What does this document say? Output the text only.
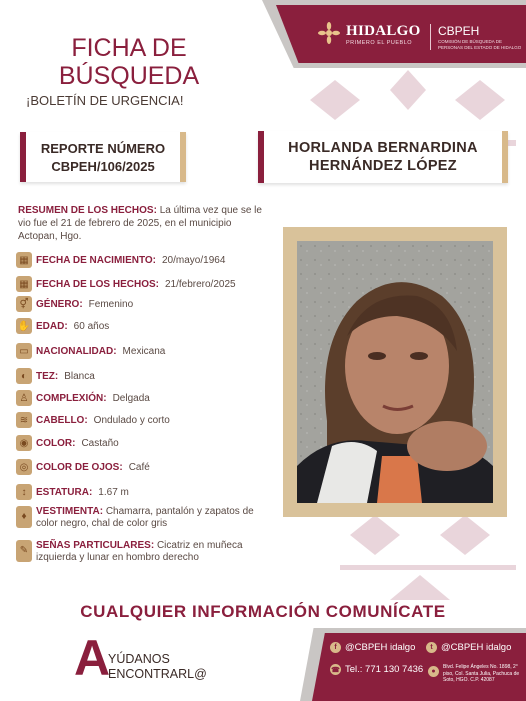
HIDALGO
PRIMERO EL PUEBLO
CBPEH
COMISIÓN DE BÚSQUEDA DE PERSONAS DEL ESTADO DE HIDALGO
FICHA DE
BÚSQUEDA
¡BOLETÍN DE URGENCIA!
REPORTE NÚMERO
CBPEH/106/2025
HORLANDA BERNARDINA
HERNÁNDEZ LÓPEZ
RESUMEN DE LOS HECHOS: La última vez que se le vio fue el 21 de febrero de 2025, en el municipio Actopan, Hgo.
▦ FECHA DE NACIMIENTO: 20/mayo/1964
▦ FECHA DE LOS HECHOS: 21/febrero/2025
⚥ GÉNERO: Femenino
✋ EDAD: 60 años
▭ NACIONALIDAD: Mexicana
◐ TEZ: Blanca
♙ COMPLEXIÓN: Delgada
≋ CABELLO: Ondulado y corto
◉ COLOR: Castaño
◎ COLOR DE OJOS: Café
↕ ESTATURA: 1.67 m
♦ VESTIMENTA: Chamarra, pantalón y zapatos de color negro, chal de color gris
✎ SEÑAS PARTICULARES: Cicatriz en muñeca izquierda y lunar en hombro derecho
CUALQUIER INFORMACIÓN COMUNÍCATE
A
YÚDANOS
ENCONTRARL@
f @CBPEH idalgo	t @CBPEH idalgo
☎ Tel.: 771 130 7436	●
Blvd. Felipe Ángeles No. 1898, 2° piso, Col. Santa Julia, Pachuca de Soto, HGO. C.P. 42087
